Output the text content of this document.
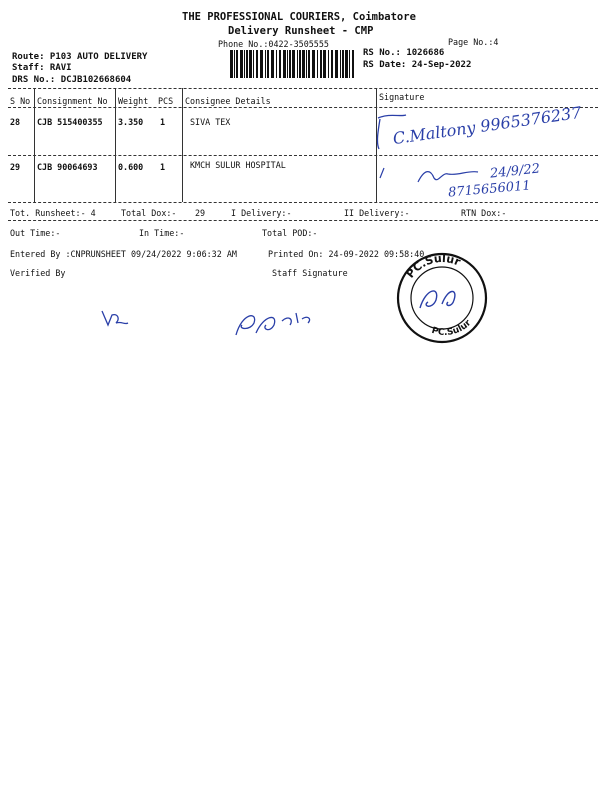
THE PROFESSIONAL COURIERS, Coimbatore
Delivery Runsheet - CMP
Phone No.:0422-3505555	Page No.:4
Route: P103 AUTO DELIVERY
Staff: RAVI
DRS No.: DCJB102668604
RS No.: 1026686
RS Date: 24-Sep-2022
S No Consignment No Weight PCS Consignee Details	Signature
28 CJB 515400355 3.350 1	SIVA TEX	C.Maltony 9965376237
29 CJB 90064693 0.600 1	KMCH SULUR HOSPITAL	24/9/22
8715656011
Tot. Runsheet:- 4	Total Dox:- 29	I Delivery:-	II Delivery:-	RTN Dox:-
Out Time:-	In Time:-	Total POD:-
Entered By :CNPRUNSHEET 09/24/2022 9:06:32 AM	Printed On: 24-09-2022 09:58:40
Verified By	Staff Signature	PC.Sulur
PC.Sulur
